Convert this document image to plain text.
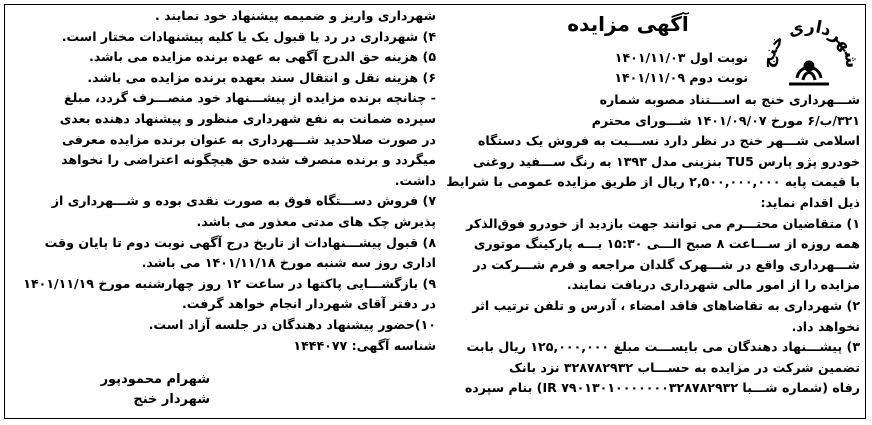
هرداری خنج
آگهی مزایده
نوبت اول ۱۴۰۱/۱۱/۰۳
نوبت دوم ۱۴۰۱/۱۱/۰۹
شـــهرداری خنج به اســـتناد مصوبه شماره
۳۲۱/ب/۶ مورخ ۱۴۰۱/۰۹/۰۷ شـــورای محترم
اسلامی شـــهر خنج در نظر دارد نســـبت به فروش یک دستگاه
خودرو پژو پارس TU5 بنزینی مدل ۱۳۹۳ به رنگ ســـفید روغنی
با قیمت پایه ۲,۵۰۰,۰۰۰,۰۰۰ ریال از طریق مزایده عمومی با شرایط
ذیل اقدام نماید:
۱) متقاضیان محتـــرم می توانند جهت بازدید از خودرو فوق‌الذکر
همه روزه از ســـاعت ۸ صبح الـــی ۱۵:۳۰ بـــه پارکینگ موتوری
شـــهرداری واقع در شـــهرک گلدان مراجعه و فرم شـــرکت در
مزایده را از امور مالی شهرداری دریافت نمایند.
۲) شهرداری به تقاضاهای فاقد امضاء ، آدرس و تلفن ترتیب اثر
نخواهد داد.
۳) پیشـــنهاد دهندگان می بایســـت مبلغ ۱۲۵,۰۰۰,۰۰۰ ریال بابت
تضمین شرکت در مزایده به حســـاب ۳۲۸۷۸۲۹۳۲ نزد بانک
رفاه (شماره شـــبا IR ۷۹۰۱۳۰۱۰۰۰۰۰۰۰۳۲۸۷۸۲۹۳۲) بنام سپرده
شهرداری واریز و ضمیمه پیشنهاد خود نمایند .
۴) شهرداری در رد یا قبول یک یا کلیه پیشنهادات مختار است.
۵) هزینه حق الدرج آگهی به عهده برنده مزایده می باشد.
۶) هزینه نقل و انتقال سند بعهده برنده مزایده می باشد.
- چنانچه برنده مزایده از پیشـــنهاد خود منصـــرف گردد، مبلغ
سپرده ضمانت به نفع شهرداری منظور و پیشنهاد دهنده بعدی
در صورت صلاحدید شـــهرداری به عنوان برنده مزایده معرفی
میگردد و برنده منصرف شده حق هیچگونه اعتراضی را نخواهد
داشت.
۷) فروش دســـتگاه فوق به صورت نقدی بوده و شـــهرداری از
پذیرش چک های مدتی معذور می باشد.
۸) قبول پیشـــنهادات از تاریخ درج آگهی نوبت دوم تا پایان وقت
اداری روز سه شنبه مورخ ۱۴۰۱/۱۱/۱۸ می باشد.
۹) بازگشـــایی پاکتها در ساعت ۱۲ روز چهارشنبه مورخ ۱۴۰۱/۱۱/۱۹
در دفتر آقای شهردار انجام خواهد گرفت.
۱۰)حضور پیشنهاد دهندگان در جلسه آزاد است.
شناسه آگهی: ۱۴۴۴۰۷۷
شهرام محمودپور
شهردار خنج
